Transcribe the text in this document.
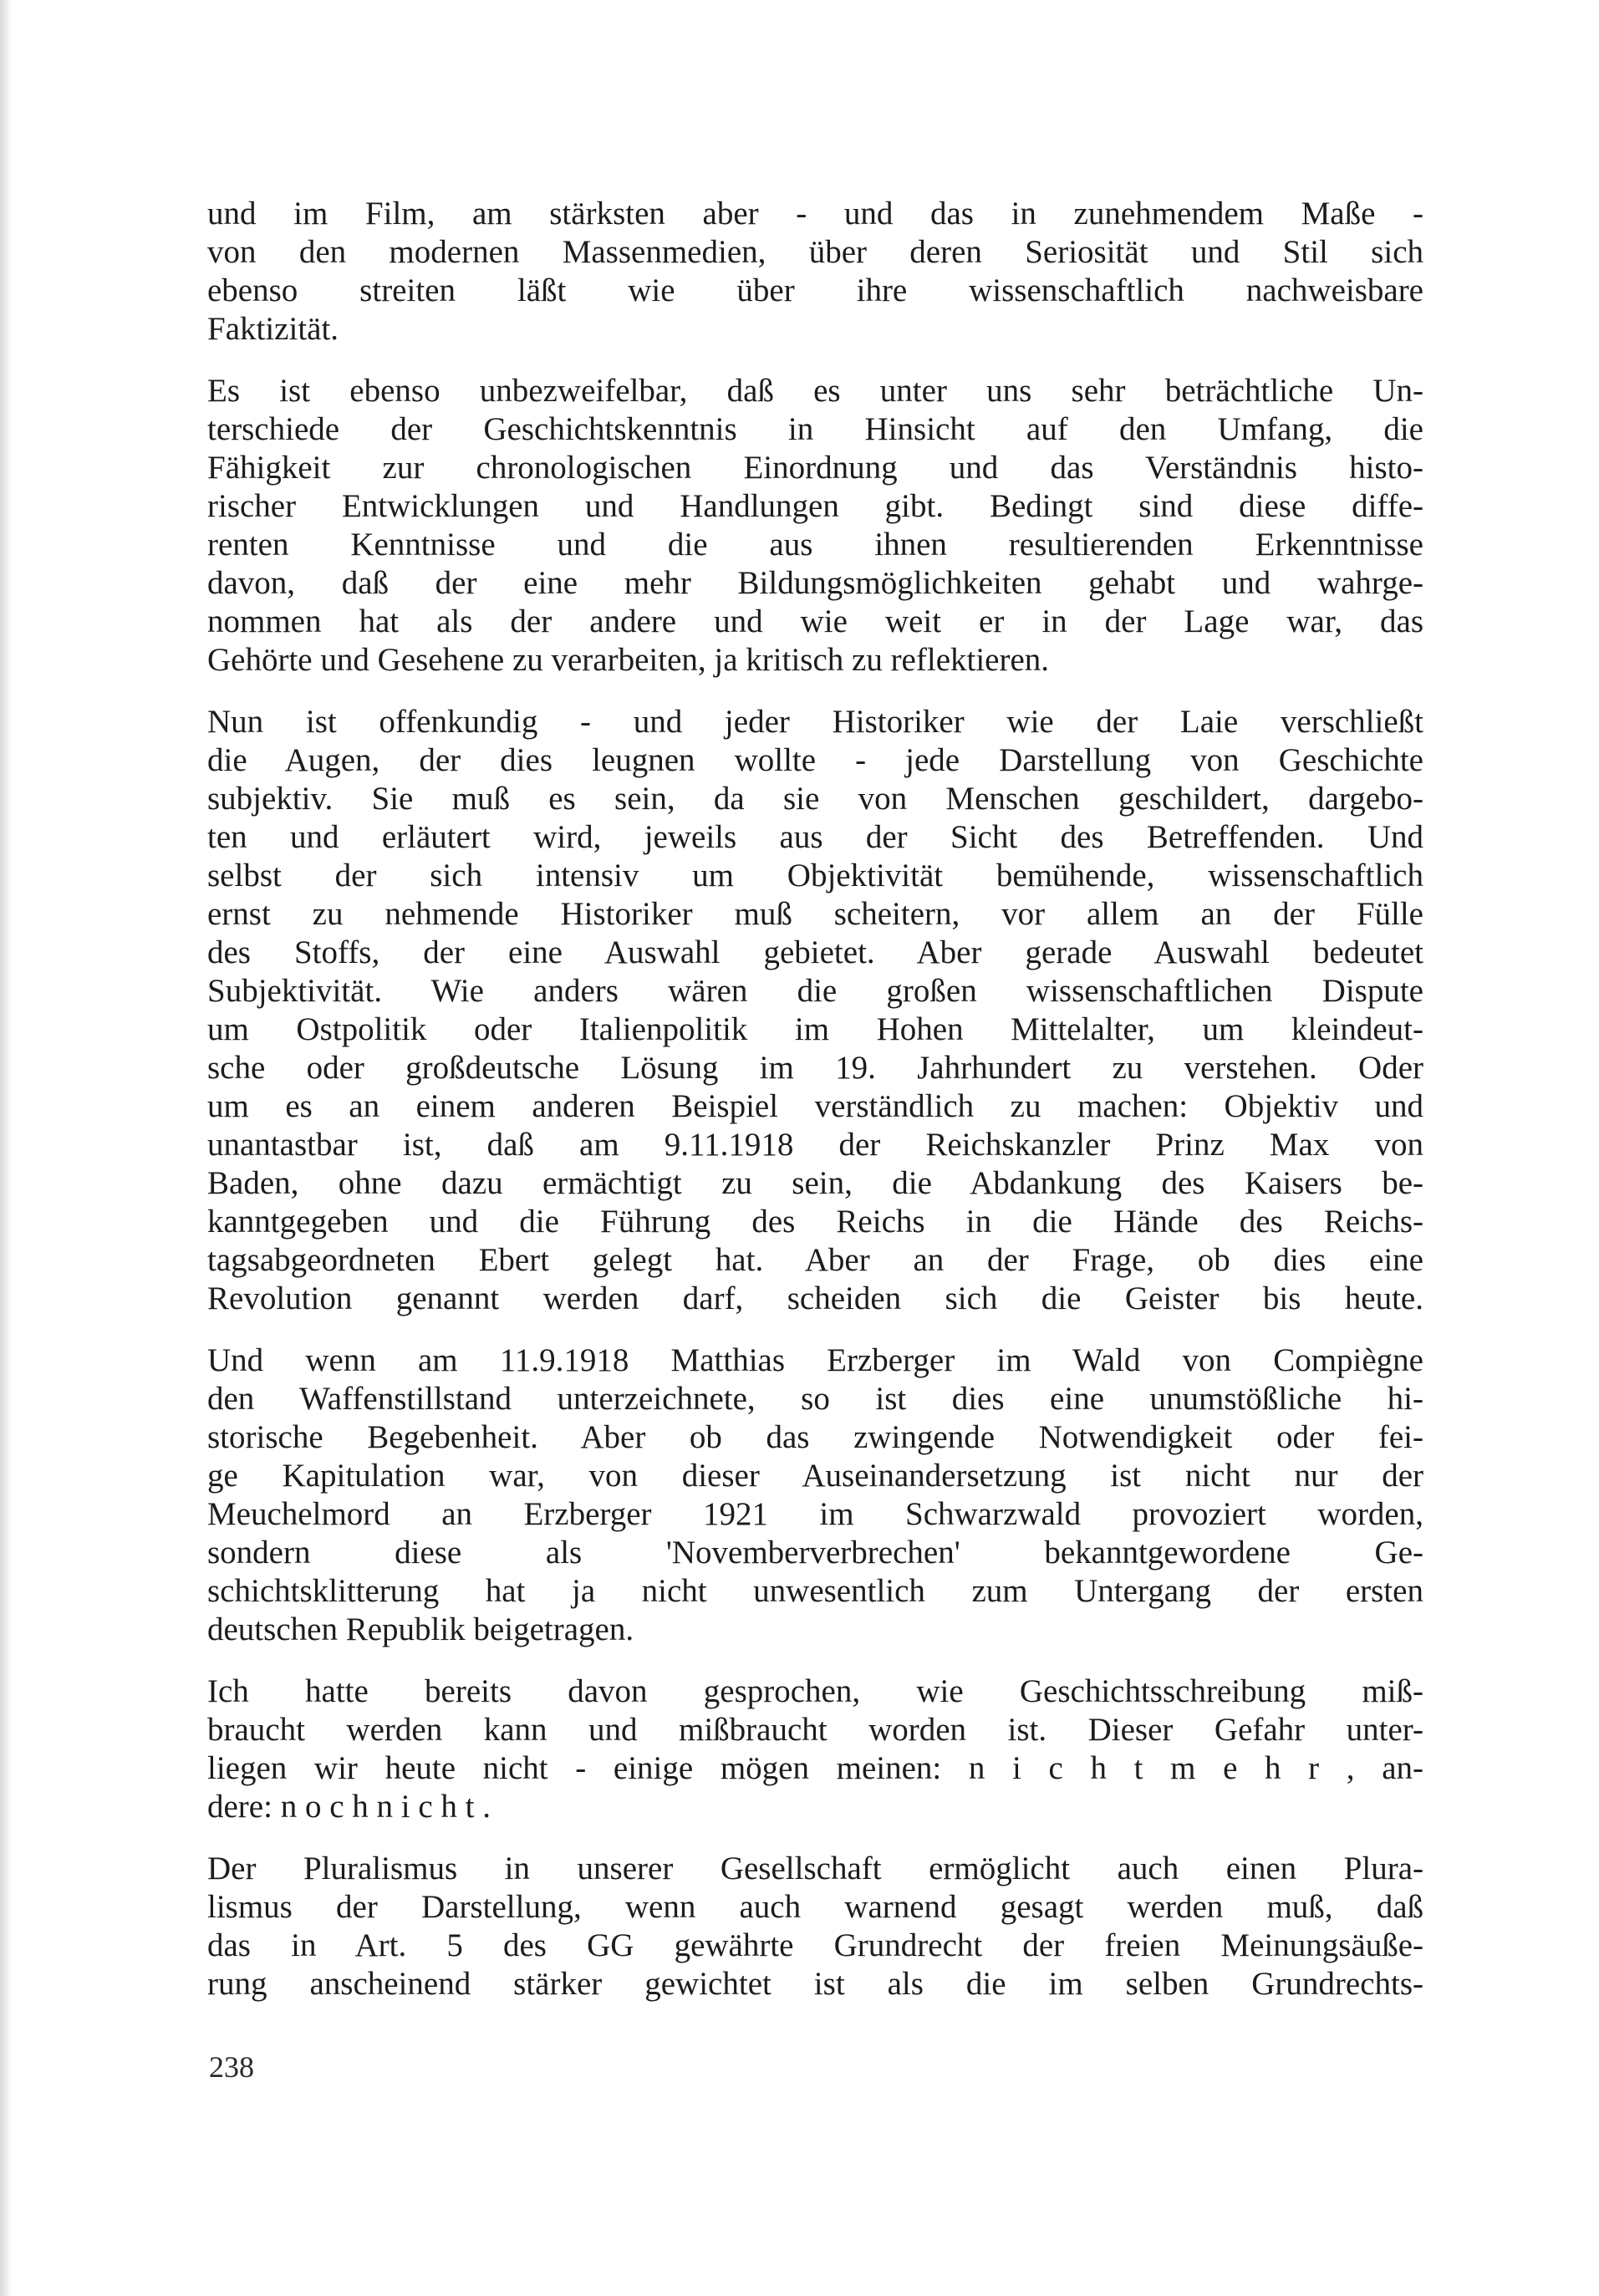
und im Film, am stärksten aber - und das in zunehmendem Maße -
von den modernen Massenmedien, über deren Seriosität und Stil sich
ebenso streiten läßt wie über ihre wissenschaftlich nachweisbare
Faktizität.

Es ist ebenso unbezweifelbar, daß es unter uns sehr beträchtliche Un-
terschiede der Geschichtskenntnis in Hinsicht auf den Umfang, die
Fähigkeit zur chronologischen Einordnung und das Verständnis histo-
rischer Entwicklungen und Handlungen gibt. Bedingt sind diese diffe-
renten Kenntnisse und die aus ihnen resultierenden Erkenntnisse
davon, daß der eine mehr Bildungsmöglichkeiten gehabt und wahrge-
nommen hat als der andere und wie weit er in der Lage war, das
Gehörte und Gesehene zu verarbeiten, ja kritisch zu reflektieren.

Nun ist offenkundig - und jeder Historiker wie der Laie verschließt
die Augen, der dies leugnen wollte - jede Darstellung von Geschichte
subjektiv. Sie muß es sein, da sie von Menschen geschildert, dargebo-
ten und erläutert wird, jeweils aus der Sicht des Betreffenden. Und
selbst der sich intensiv um Objektivität bemühende, wissenschaftlich
ernst zu nehmende Historiker muß scheitern, vor allem an der Fülle
des Stoffs, der eine Auswahl gebietet. Aber gerade Auswahl bedeutet
Subjektivität. Wie anders wären die großen wissenschaftlichen Dispute
um Ostpolitik oder Italienpolitik im Hohen Mittelalter, um kleindeut-
sche oder großdeutsche Lösung im 19. Jahrhundert zu verstehen. Oder
um es an einem anderen Beispiel verständlich zu machen: Objektiv und
unantastbar ist, daß am 9.11.1918 der Reichskanzler Prinz Max von
Baden, ohne dazu ermächtigt zu sein, die Abdankung des Kaisers be-
kanntgegeben und die Führung des Reichs in die Hände des Reichs-
tagsabgeordneten Ebert gelegt hat. Aber an der Frage, ob dies eine
Revolution genannt werden darf, scheiden sich die Geister bis heute.

Und wenn am 11.9.1918 Matthias Erzberger im Wald von Compiègne
den Waffenstillstand unterzeichnete, so ist dies eine unumstößliche hi-
storische Begebenheit. Aber ob das zwingende Notwendigkeit oder fei-
ge Kapitulation war, von dieser Auseinandersetzung ist nicht nur der
Meuchelmord an Erzberger 1921 im Schwarzwald provoziert worden,
sondern diese als 'Novemberverbrechen' bekanntgewordene Ge-
schichtsklitterung hat ja nicht unwesentlich zum Untergang der ersten
deutschen Republik beigetragen.

Ich hatte bereits davon gesprochen, wie Geschichtsschreibung miß-
braucht werden kann und mißbraucht worden ist. Dieser Gefahr unter-
liegen wir heute nicht - einige mögen meinen: n i c h t m e h r , an-
dere: n o c h n i c h t .

Der Pluralismus in unserer Gesellschaft ermöglicht auch einen Plura-
lismus der Darstellung, wenn auch warnend gesagt werden muß, daß
das in Art. 5 des GG gewährte Grundrecht der freien Meinungsäuße-
rung anscheinend stärker gewichtet ist als die im selben Grundrechts-

238
